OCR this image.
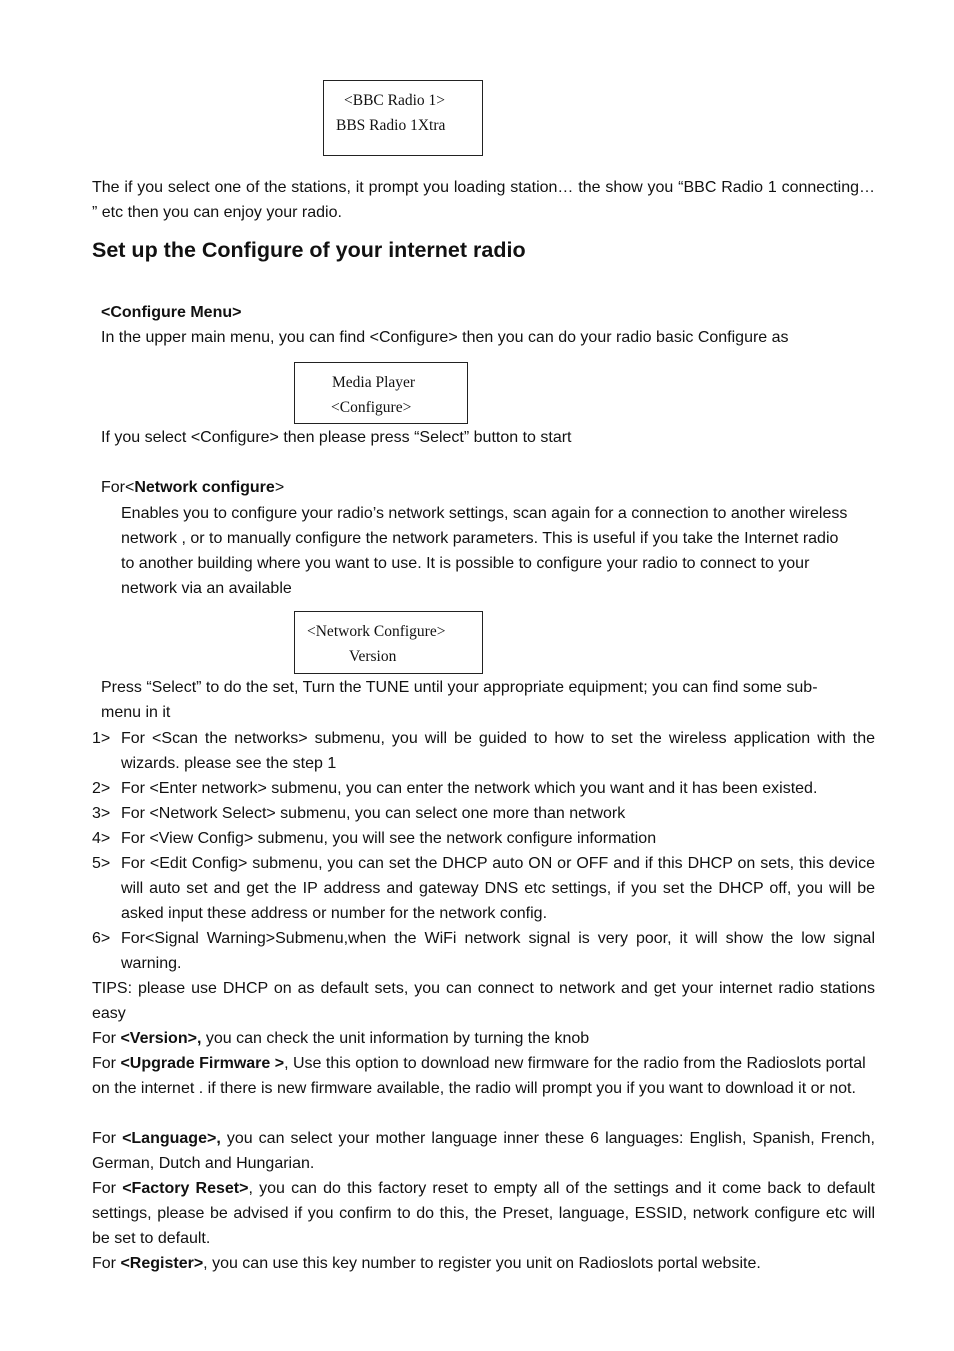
<BBC Radio 1>
BBS Radio 1Xtra

The if you select one of the stations, it prompt you loading station… the show you “BBC Radio 1 connecting… ” etc then you can enjoy your radio.

Set up the Configure of your internet radio

<Configure Menu>

In the upper main menu, you can find <Configure> then you can do your radio basic Configure as

Media Player
<Configure>

If you select <Configure> then please press “Select” button to start

For<Network configure>

Enables you to configure your radio’s network settings, scan again for a connection to another wireless network , or to manually configure the network parameters. This is useful if you take the Internet radio to another building where you want to use. It is possible to configure your radio to connect to your network via an available

<Network Configure>
Version

Press “Select” to do the set, Turn the TUNE until your appropriate equipment; you can find some sub-menu in it

1> For <Scan the networks> submenu, you will be guided to how to set the wireless application with the wizards. please see the step 1
2> For <Enter network> submenu, you can enter the network which you want and it has been existed.
3> For <Network Select> submenu, you can select one more than network
4> For <View Config> submenu, you will see the network configure information
5> For <Edit Config> submenu, you can set the DHCP auto ON or OFF and if this DHCP on sets, this device will auto set and get the IP address and gateway DNS etc settings, if you set the DHCP off, you will be asked input these address or number for the network config.
6> For<Signal Warning>Submenu,when the WiFi network signal is very poor, it will show the low signal warning.

TIPS: please use DHCP on as default sets, you can connect to network and get your internet radio stations easy

For <Version>, you can check the unit information by turning the knob

For <Upgrade Firmware >, Use this option to download new firmware for the radio from the Radioslots portal on the internet . if there is new firmware available, the radio will prompt you if you want to download it or not.

For <Language>, you can select your mother language inner these 6 languages: English, Spanish, French, German, Dutch and Hungarian.

For <Factory Reset>, you can do this factory reset to empty all of the settings and it come back to default settings, please be advised if you confirm to do this, the Preset, language, ESSID, network configure etc will be set to default.

For <Register>, you can use this key number to register you unit on Radioslots portal website.
